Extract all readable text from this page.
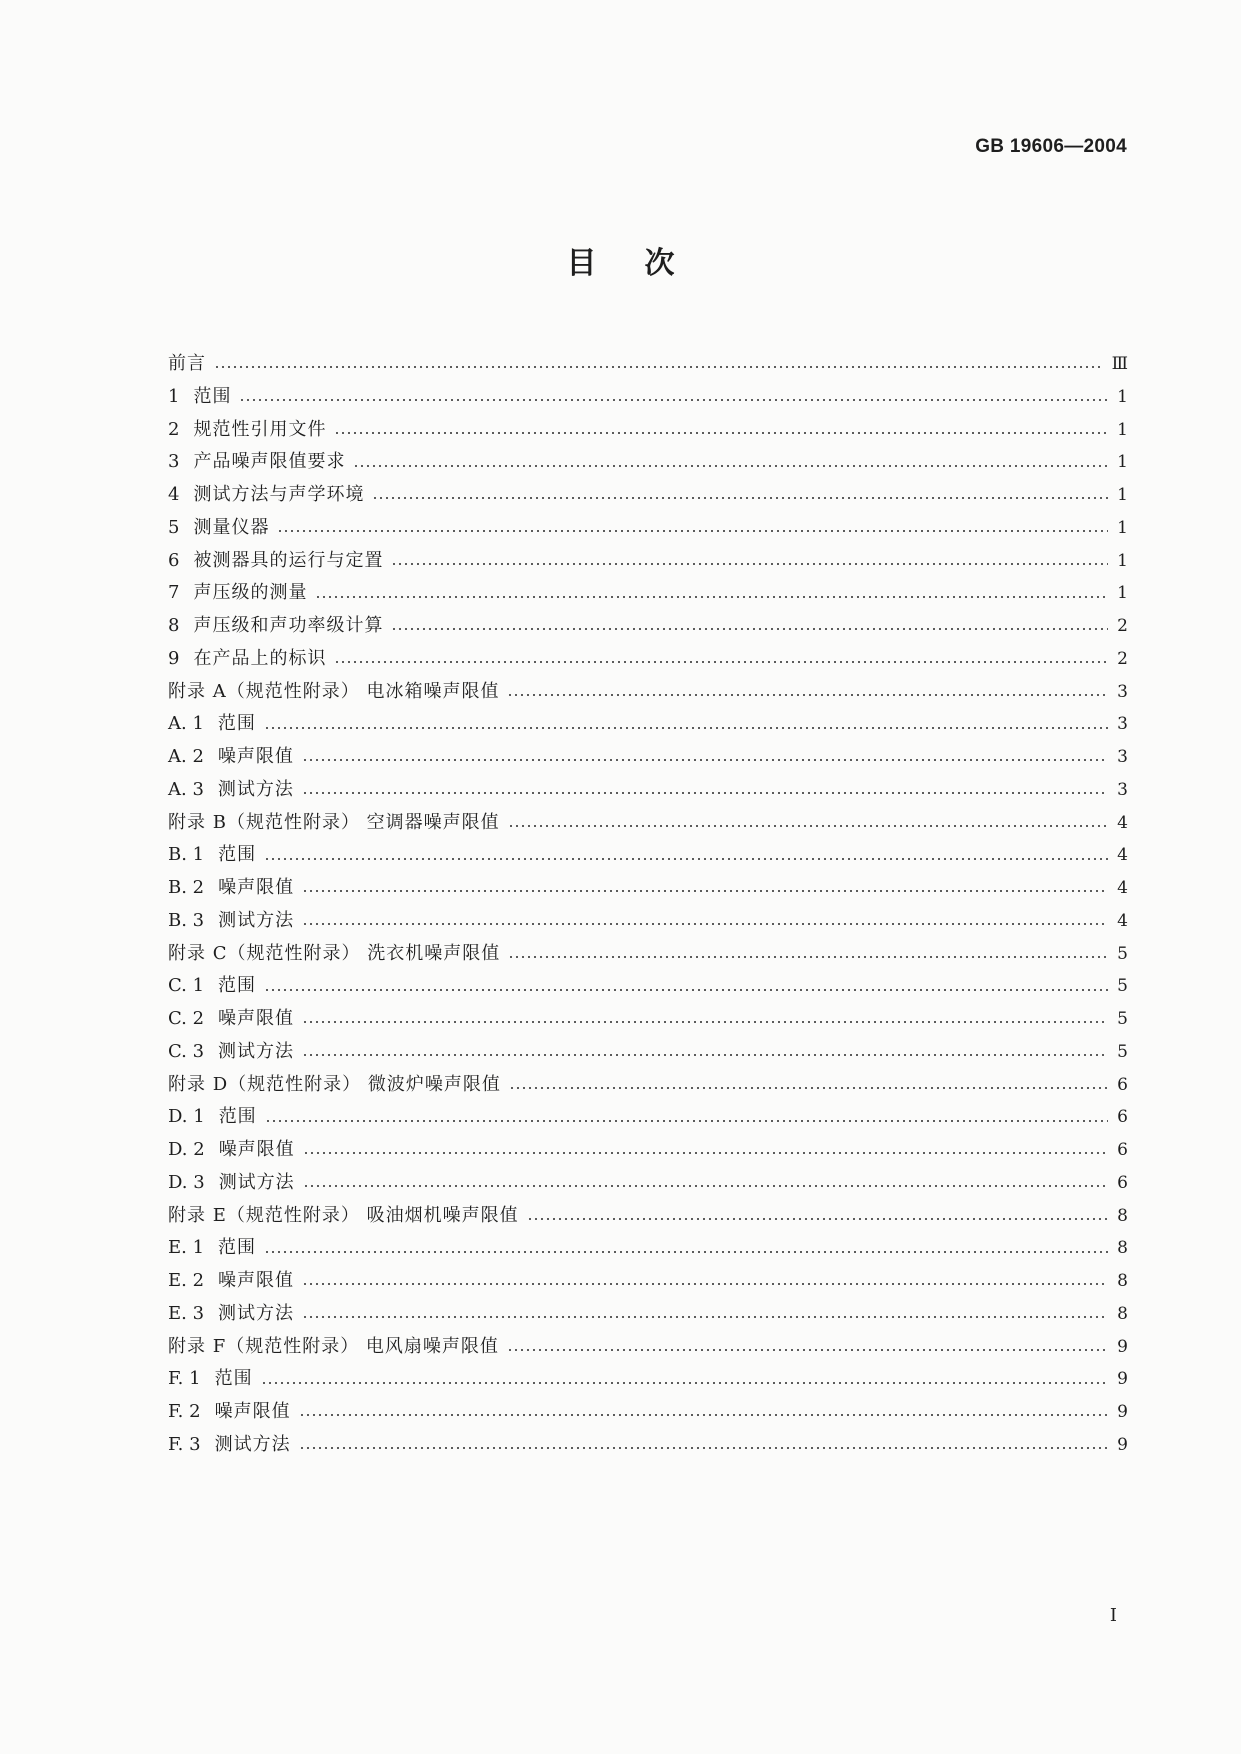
GB 19606—2004
目次
前言	Ⅲ
1 范围	1
2 规范性引用文件	1
3 产品噪声限值要求	1
4 测试方法与声学环境	1
5 测量仪器	1
6 被测器具的运行与定置	1
7 声压级的测量	1
8 声压级和声功率级计算	2
9 在产品上的标识	2
附录 A（规范性附录） 电冰箱噪声限值	3
A. 1 范围	3
A. 2 噪声限值	3
A. 3 测试方法	3
附录 B（规范性附录） 空调器噪声限值	4
B. 1 范围	4
B. 2 噪声限值	4
B. 3 测试方法	4
附录 C（规范性附录） 洗衣机噪声限值	5
C. 1 范围	5
C. 2 噪声限值	5
C. 3 测试方法	5
附录 D（规范性附录） 微波炉噪声限值	6
D. 1 范围	6
D. 2 噪声限值	6
D. 3 测试方法	6
附录 E（规范性附录） 吸油烟机噪声限值	8
E. 1 范围	8
E. 2 噪声限值	8
E. 3 测试方法	8
附录 F（规范性附录） 电风扇噪声限值	9
F. 1 范围	9
F. 2 噪声限值	9
F. 3 测试方法	9
I
